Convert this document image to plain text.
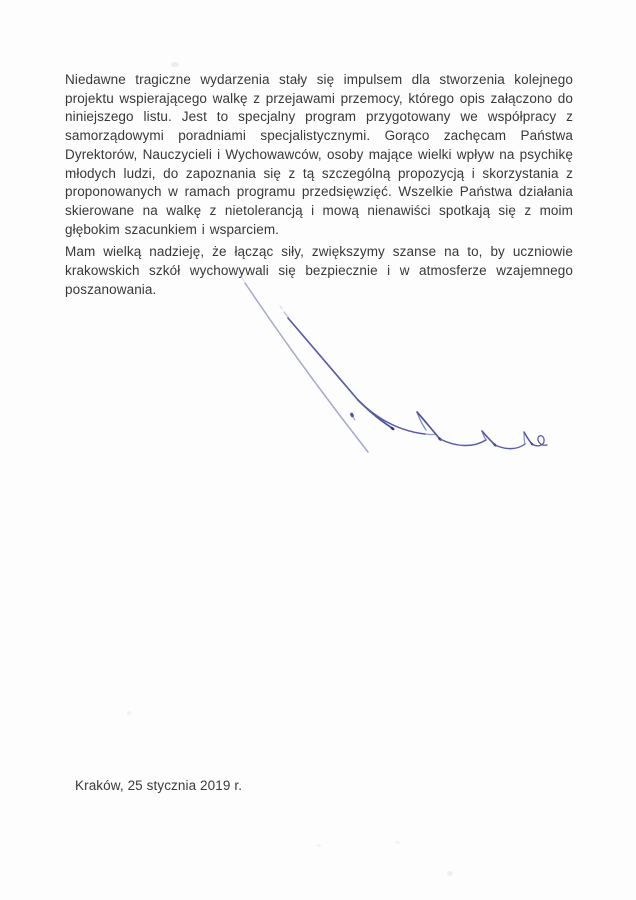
Niedawne tragiczne wydarzenia stały się impulsem dla stworzenia kolejnego projektu wspierającego walkę z przejawami przemocy, którego opis załączono do niniejszego listu. Jest to specjalny program przygotowany we współpracy z samorządowymi poradniami specjalistycznymi. Gorąco zachęcam Państwa Dyrektorów, Nauczycieli i Wychowawców, osoby mające wielki wpływ na psychikę młodych ludzi, do zapoznania się z tą szczególną propozycją i skorzystania z proponowanych w ramach programu przedsięwzięć. Wszelkie Państwa działania skierowane na walkę z nietolerancją i mową nienawiści spotkają się z moim głębokim szacunkiem i wsparciem.

Mam wielką nadzieję, że łącząc siły, zwiększymy szanse na to, by uczniowie krakowskich szkół wychowywali się bezpiecznie i w atmosferze wzajemnego poszanowania.

Kraków, 25 stycznia 2019 r.
